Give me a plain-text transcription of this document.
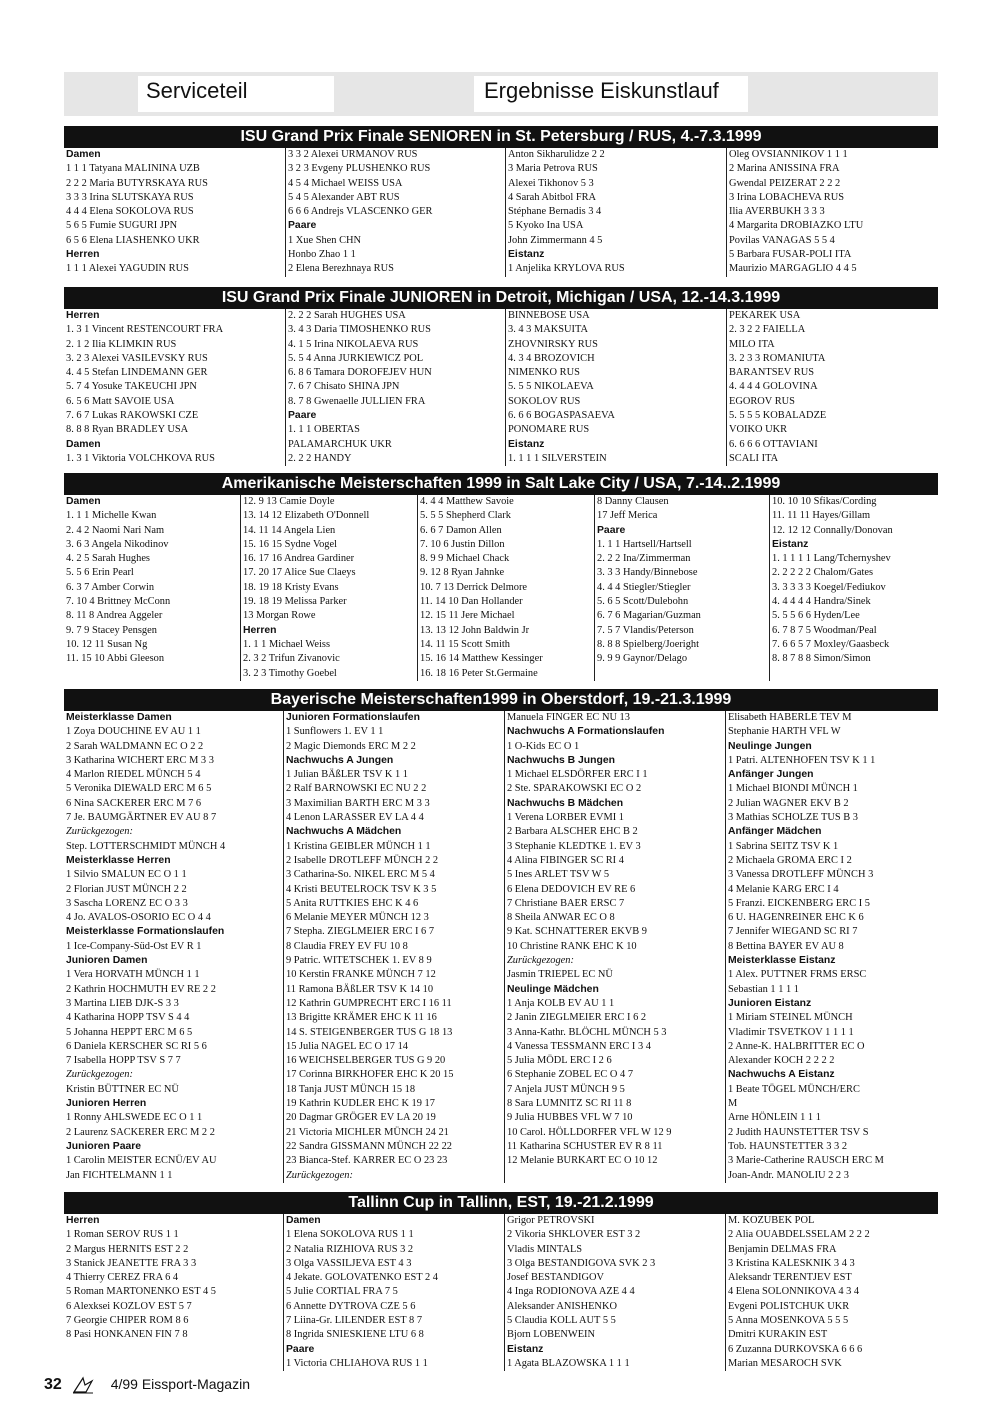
Serviceteil	Ergebnisse Eiskunstlauf
ISU Grand Prix Finale SENIOREN in St. Petersburg / RUS, 4.-7.3.1999
Damen
1 1 1 Tatyana MALININA UZB
2 2 2 Maria BUTYRSKAYA RUS
3 3 3 Irina SLUTSKAYA RUS
4 4 4 Elena SOKOLOVA RUS
5 6 5 Fumie SUGURI JPN
6 5 6 Elena LIASHENKO UKR
Herren
1 1 1 Alexei YAGUDIN RUS
3 3 2 Alexei URMANOV RUS
3 2 3 Evgeny PLUSHENKO RUS
4 5 4 Michael WEISS USA
5 4 5 Alexander ABT RUS
6 6 6 Andrejs VLASCENKO GER
Paare
1 Xue Shen CHN
Honbo Zhao 1 1
2 Elena Berezhnaya RUS
Anton Sikharulidze 2 2
3 Maria Petrova RUS
Alexei Tikhonov 5 3
4 Sarah Abitbol FRA
Stéphane Bernadis 3 4
5 Kyoko Ina USA
John Zimmermann 4 5
Eistanz
1 Anjelika KRYLOVA RUS
Oleg OVSIANNIKOV 1 1 1
2 Marina ANISSINA FRA
Gwendal PEIZERAT 2 2 2
3 Irina LOBACHEVA RUS
Ilia AVERBUKH 3 3 3
4 Margarita DROBIAZKO LTU
Povilas VANAGAS 5 5 4
5 Barbara FUSAR-POLI ITA
Maurizio MARGAGLIO 4 4 5
ISU Grand Prix Finale JUNIOREN in Detroit, Michigan / USA, 12.-14.3.1999
Herren
1. 3 1 Vincent RESTENCOURT FRA
2. 1 2 Ilia KLIMKIN RUS
3. 2 3 Alexei VASILEVSKY RUS
4. 4 5 Stefan LINDEMANN GER
5. 7 4 Yosuke TAKEUCHI JPN
6. 5 6 Matt SAVOIE USA
7. 6 7 Lukas RAKOWSKI CZE
8. 8 8 Ryan BRADLEY USA
Damen
1. 3 1 Viktoria VOLCHKOVA RUS
2. 2 2 Sarah HUGHES USA
3. 4 3 Daria TIMOSHENKO RUS
4. 1 5 Irina NIKOLAEVA RUS
5. 5 4 Anna JURKIEWICZ POL
6. 8 6 Tamara DOROFEJEV HUN
7. 6 7 Chisato SHINA JPN
8. 7 8 Gwenaelle JULLIEN FRA
Paare
1. 1 1 OBERTAS
PALAMARCHUK UKR
2. 2 2 HANDY
BINNEBOSE USA
3. 4 3 MAKSUITA
ZHOVNIRSKY RUS
4. 3 4 BROZOVICH
NIMENKO RUS
5. 5 5 NIKOLAEVA
SOKOLOV RUS
6. 6 6 BOGASPASAEVA
PONOMARE RUS
Eistanz
1. 1 1 1 SILVERSTEIN
PEKAREK USA
2. 3 2 2 FAIELLA
MILO ITA
3. 2 3 3 ROMANIUTA
BARANTSEV RUS
4. 4 4 4 GOLOVINA
EGOROV RUS
5. 5 5 5 KOBALADZE
VOIKO UKR
6. 6 6 6 OTTAVIANI
SCALI ITA
Amerikanische Meisterschaften 1999 in Salt Lake City / USA, 7.-14..2.1999
Damen
1. 1 1 Michelle Kwan
2. 4 2 Naomi Nari Nam
3. 6 3 Angela Nikodinov
4. 2 5 Sarah Hughes
5. 5 6 Erin Pearl
6. 3 7 Amber Corwin
7. 10 4 Brittney McConn
8. 11 8 Andrea Aggeler
9. 7 9 Stacey Pensgen
10. 12 11 Susan Ng
11. 15 10 Abbi Gleeson
12. 9 13 Camie Doyle
13. 14 12 Elizabeth O'Donnell
14. 11 14 Angela Lien
15. 16 15 Sydne Vogel
16. 17 16 Andrea Gardiner
17. 20 17 Alice Sue Claeys
18. 19 18 Kristy Evans
19. 18 19 Melissa Parker
13 Morgan Rowe
Herren
1. 1 1 Michael Weiss
2. 3 2 Trifun Zivanovic
3. 2 3 Timothy Goebel
4. 4 4 Matthew Savoie
5. 5 5 Shepherd Clark
6. 6 7 Damon Allen
7. 10 6 Justin Dillon
8. 9 9 Michael Chack
9. 12 8 Ryan Jahnke
10. 7 13 Derrick Delmore
11. 14 10 Dan Hollander
12. 15 11 Jere Michael
13. 13 12 John Baldwin Jr
14. 11 15 Scott Smith
15. 16 14 Matthew Kessinger
16. 18 16 Peter St.Germaine
8 Danny Clausen
17 Jeff Merica
Paare
1. 1 1 Hartsell/Hartsell
2. 2 2 Ina/Zimmerman
3. 3 3 Handy/Binnebose
4. 4 4 Stiegler/Stiegler
5. 6 5 Scott/Dulebohn
6. 7 6 Magarian/Guzman
7. 5 7 Vlandis/Peterson
8. 8 8 Spielberg/Joeright
9. 9 9 Gaynor/Delago
10. 10 10 Sfikas/Cording
11. 11 11 Hayes/Gillam
12. 12 12 Connally/Donovan
Eistanz
1. 1 1 1 1 Lang/Tchernyshev
2. 2 2 2 2 Chalom/Gates
3. 3 3 3 3 Koegel/Fediukov
4. 4 4 4 4 Handra/Sinek
5. 5 5 6 6 Hyden/Lee
6. 7 8 7 5 Woodman/Peal
7. 6 6 5 7 Moxley/Gaasbeck
8. 8 7 8 8 Simon/Simon
Bayerische Meisterschaften1999 in Oberstdorf, 19.-21.3.1999
Meisterklasse Damen
1 Zoya DOUCHINE EV AU 1 1
2 Sarah WALDMANN EC O 2 2
3 Katharina WICHERT ERC M 3 3
4 Marlon RIEDEL MÜNCH 5 4
5 Veronika DIEWALD ERC M 6 5
6 Nina SACKERER ERC M 7 6
7 Je. BAUMGÄRTNER EV AU 8 7
Zurückgezogen:
Step. LOTTERSCHMIDT MÜNCH 4
Meisterklasse Herren
1 Silvio SMALUN EC O 1 1
2 Florian JUST MÜNCH 2 2
3 Sascha LORENZ EC O 3 3
4 Jo. AVALOS-OSORIO EC O 4 4
Meisterklasse Formationslaufen
1 Ice-Company-Süd-Ost EV R 1
Junioren Damen
1 Vera HORVATH MÜNCH 1 1
2 Kathrin HOCHMUTH EV RE 2 2
3 Martina LIEB DJK-S 3 3
4 Katharina HOPP TSV S 4 4
5 Johanna HEPPT ERC M 6 5
6 Daniela KERSCHER SC RI 5 6
7 Isabella HOPP TSV S 7 7
Zurückgezogen:
Kristin BÜTTNER EC NÜ
Junioren Herren
1 Ronny AHLSWEDE EC O 1 1
2 Laurenz SACKERER ERC M 2 2
Junioren Paare
1 Carolin MEISTER ECNÜ/EV AU
Jan FICHTELMANN 1 1
Junioren Formationslaufen
1 Sunflowers 1. EV 1 1
2 Magic Diemonds ERC M 2 2
Nachwuchs A Jungen
1 Julian BÄßLER TSV K 1 1
2 Ralf BARNOWSKI EC NU 2 2
3 Maximilian BARTH ERC M 3 3
4 Lenon LARASSER EV LA 4 4
Nachwuchs A Mädchen
1 Kristina GEIBLER MÜNCH 1 1
2 Isabelle DROTLEFF MÜNCH 2 2
3 Catharina-So. NIKEL ERC M 5 4
4 Kristi BEUTELROCK TSV K 3 5
5 Anita RUTTKIES EHC K 4 6
6 Melanie MEYER MÜNCH 12 3
7 Stepha. ZIEGLMEIER ERC I 6 7
8 Claudia FREY EV FU 10 8
9 Patric. WITETSCHEK 1. EV 8 9
10 Kerstin FRANKE MÜNCH 7 12
11 Ramona BÄßLER TSV K 14 10
12 Kathrin GUMPRECHT ERC I 16 11
13 Brigitte KRÄMER EHC K 11 16
14 S. STEIGENBERGER TUS G 18 13
15 Julia NAGEL EC O 17 14
16 WEICHSELBERGER TUS G 9 20
17 Corinna BIRKHOFER EHC K 20 15
18 Tanja JUST MÜNCH 15 18
19 Kathrin KUDLER EHC K 19 17
20 Dagmar GRÖGER EV LA 20 19
21 Victoria MICHLER MÜNCH 24 21
22 Sandra GISSMANN MÜNCH 22 22
23 Bianca-Stef. KARRER EC O 23 23
Zurückgezogen:
Manuela FINGER EC NU 13
Nachwuchs A Formationslaufen
1 O-Kids EC O 1
Nachwuchs B Jungen
1 Michael ELSDÖRFER ERC I 1
2 Ste. SPARAKOWSKI EC O 2
Nachwuchs B Mädchen
1 Verena LORBER EVMI 1
2 Barbara ALSCHER EHC B 2
3 Stephanie KLEDTKE 1. EV 3
4 Alina FIBINGER SC RI 4
5 Ines ARLET TSV W 5
6 Elena DEDOVICH EV RE 6
7 Christiane BAER ERSC 7
8 Sheila ANWAR EC O 8
9 Kat. SCHNATTERER EKVB 9
10 Christine RANK EHC K 10
Zurückgezogen:
Jasmin TRIEPEL EC NÜ
Neulinge Mädchen
1 Anja KOLB EV AU 1 1
2 Janin ZIEGLMEIER ERC I 6 2
3 Anna-Kathr. BLÖCHL MÜNCH 5 3
4 Vanessa TESSMANN ERC I 3 4
5 Julia MÖDL ERC I 2 6
6 Stephanie ZOBEL EC O 4 7
7 Anjela JUST MÜNCH 9 5
8 Sara LUMNITZ SC RI 11 8
9 Julia HUBBES VFL W 7 10
10 Carol. HÖLLDORFER VFL W 12 9
11 Katharina SCHUSTER EV R 8 11
12 Melanie BURKART EC O 10 12
Elisabeth HABERLE TEV M
Stephanie HARTH VFL W
Neulinge Jungen
1 Patri. ALTENHOFEN TSV K 1 1
Anfänger Jungen
1 Michael BIONDI MÜNCH 1
2 Julian WAGNER EKV B 2
3 Mathias SCHOLZE TUS B 3
Anfänger Mädchen
1 Sabrina SEITZ TSV K 1
2 Michaela GROMA ERC I 2
3 Vanessa DROTLEFF MÜNCH 3
4 Melanie KARG ERC I 4
5 Franzi. EICKENBERG ERC I 5
6 U. HAGENREINER EHC K 6
7 Jennifer WIEGAND SC RI 7
8 Bettina BAYER EV AU 8
Meisterklasse Eistanz
1 Alex. PUTTNER FRMS ERSC
Sebastian 1 1 1 1
Junioren Eistanz
1 Miriam STEINEL MÜNCH
Vladimir TSVETKOV 1 1 1 1
2 Anne-K. HALBRITTER EC O
Alexander KOCH 2 2 2 2
Nachwuchs A Eistanz
1 Beate TÖGEL MÜNCH/ERC
M
Arne HÖNLEIN 1 1 1
2 Judith HAUNSTETTER TSV S
Tob. HAUNSTETTER 3 3 2
3 Marie-Catherine RAUSCH ERC M
Joan-Andr. MANOLIU 2 2 3
Tallinn Cup in Tallinn, EST, 19.-21.2.1999
Herren
1 Roman SEROV RUS 1 1
2 Margus HERNITS EST 2 2
3 Stanick JEANETTE FRA 3 3
4 Thierry CEREZ FRA 6 4
5 Roman MARTONENKO EST 4 5
6 Alexksei KOZLOV EST 5 7
7 Georgie CHIPER ROM 8 6
8 Pasi HONKANEN FIN 7 8
Damen
1 Elena SOKOLOVA RUS 1 1
2 Natalia RIZHIOVA RUS 3 2
3 Olga VASSILJEVA EST 4 3
4 Jekate. GOLOVATENKO EST 2 4
5 Julie CORTIAL FRA 7 5
6 Annette DYTROVA CZE 5 6
7 Liina-Gr. LILENDER EST 8 7
8 Ingrida SNIESKIENE LTU 6 8
Paare
1 Victoria CHLIAHOVA RUS 1 1
Grigor PETROVSKI
2 Vikoria SHKLOVER EST 3 2
Vladis MINTALS
3 Olga BESTANDIGOVA SVK 2 3
Josef BESTANDIGOV
4 Inga RODIONOVA AZE 4 4
Aleksander ANISHENKO
5 Claudia KOLL AUT 5 5
Bjorn LOBENWEIN
Eistanz
1 Agata BLAZOWSKA 1 1 1
M. KOZUBEK POL
2 Alia OUABDELSSELAM 2 2 2
Benjamin DELMAS FRA
3 Kristina KALESKNIK 3 4 3
Aleksandr TERENTJEV EST
4 Elena SOLONNIKOVA 4 3 4
Evgeni POLISTCHUK UKR
5 Anna MOSENKOVA 5 5 5
Dmitri KURAKIN EST
6 Zuzanna DURKOVSKA 6 6 6
Marian MESAROCH SVK
32	4/99 Eissport-Magazin
